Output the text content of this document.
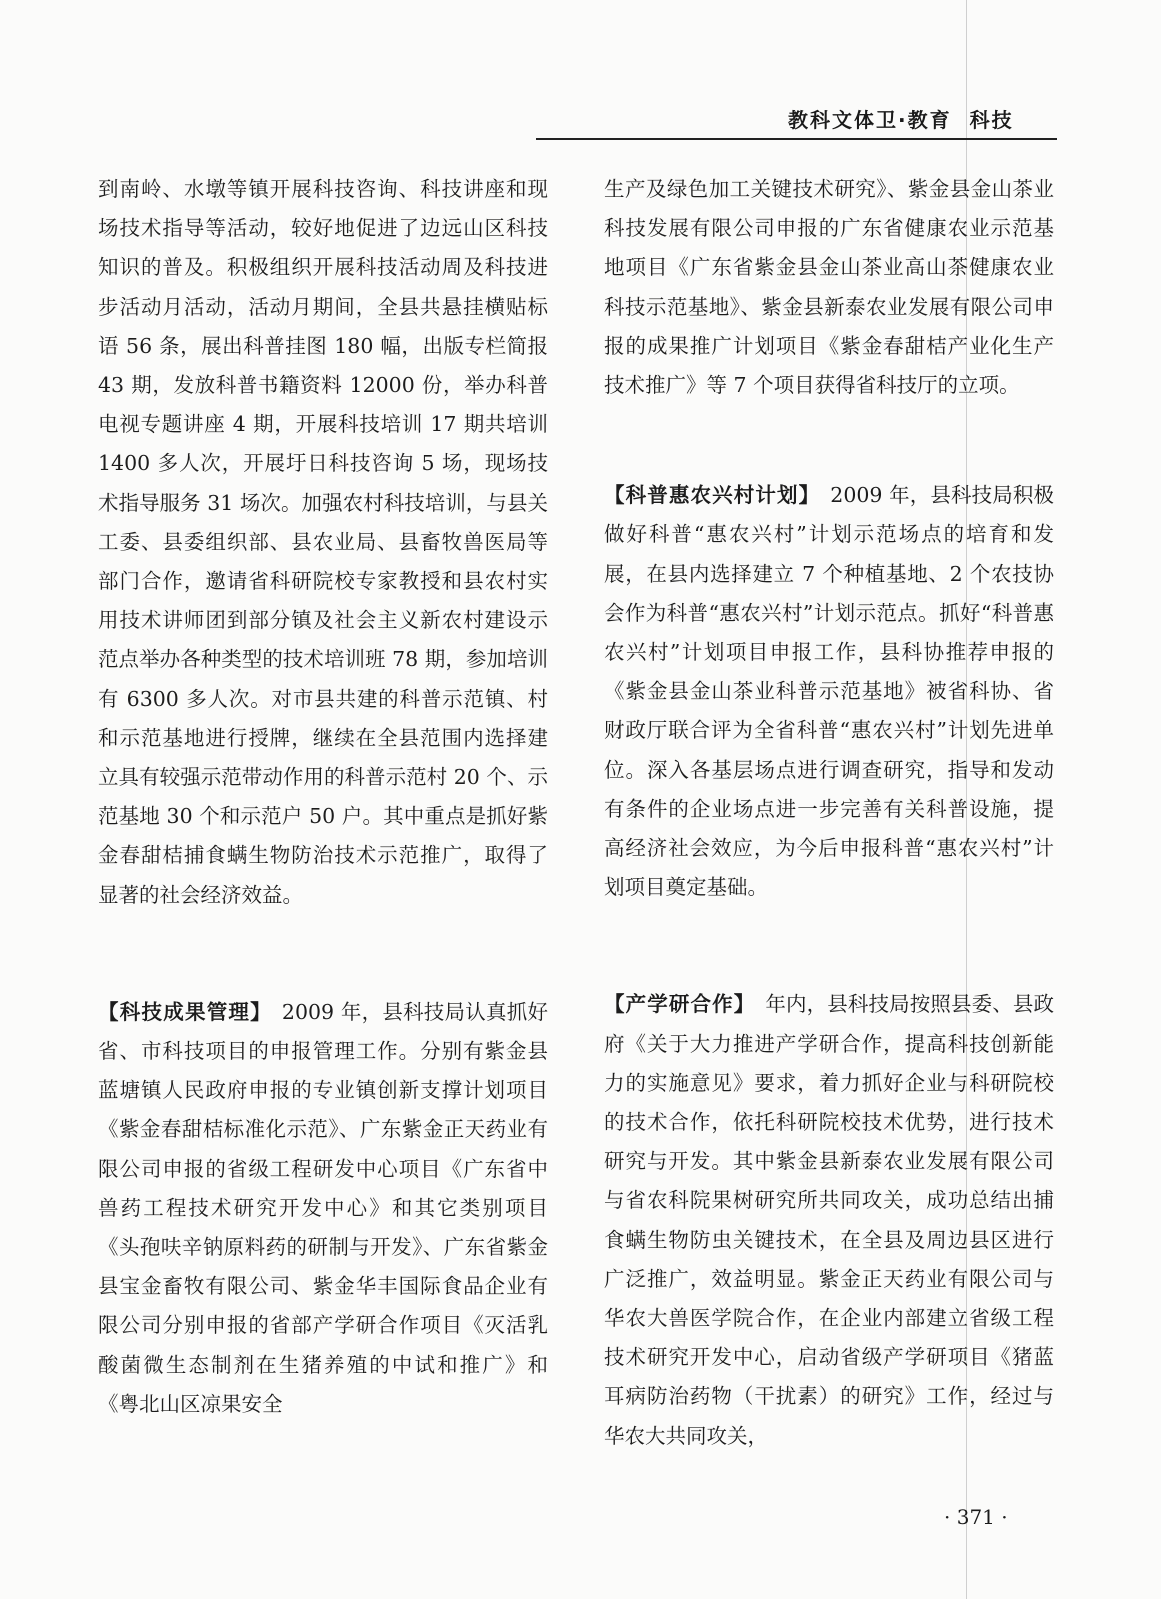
教科文体卫·教育 科技

到南岭、水墩等镇开展科技咨询、科技讲座和现场技术指导等活动，较好地促进了边远山区科技知识的普及。积极组织开展科技活动周及科技进步活动月活动，活动月期间，全县共悬挂横贴标语 56 条，展出科普挂图 180 幅，出版专栏简报 43 期，发放科普书籍资料 12000 份，举办科普电视专题讲座 4 期，开展科技培训 17 期共培训 1400 多人次，开展圩日科技咨询 5 场，现场技术指导服务 31 场次。加强农村科技培训，与县关工委、县委组织部、县农业局、县畜牧兽医局等部门合作，邀请省科研院校专家教授和县农村实用技术讲师团到部分镇及社会主义新农村建设示范点举办各种类型的技术培训班 78 期，参加培训有 6300 多人次。对市县共建的科普示范镇、村和示范基地进行授牌，继续在全县范围内选择建立具有较强示范带动作用的科普示范村 20 个、示范基地 30 个和示范户 50 户。其中重点是抓好紫金春甜桔捕食螨生物防治技术示范推广，取得了显著的社会经济效益。

【科技成果管理】 2009 年，县科技局认真抓好省、市科技项目的申报管理工作。分别有紫金县蓝塘镇人民政府申报的专业镇创新支撑计划项目《紫金春甜桔标准化示范》、广东紫金正天药业有限公司申报的省级工程研发中心项目《广东省中兽药工程技术研究开发中心》和其它类别项目《头孢呋辛钠原料药的研制与开发》、广东省紫金县宝金畜牧有限公司、紫金华丰国际食品企业有限公司分别申报的省部产学研合作项目《灭活乳酸菌微生态制剂在生猪养殖的中试和推广》和《粤北山区凉果安全

生产及绿色加工关键技术研究》、紫金县金山茶业科技发展有限公司申报的广东省健康农业示范基地项目《广东省紫金县金山茶业高山茶健康农业科技示范基地》、紫金县新泰农业发展有限公司申报的成果推广计划项目《紫金春甜桔产业化生产技术推广》等 7 个项目获得省科技厅的立项。

【科普惠农兴村计划】 2009 年，县科技局积极做好科普“惠农兴村”计划示范场点的培育和发展，在县内选择建立 7 个种植基地、2 个农技协会作为科普“惠农兴村”计划示范点。抓好“科普惠农兴村”计划项目申报工作，县科协推荐申报的《紫金县金山茶业科普示范基地》被省科协、省财政厅联合评为全省科普“惠农兴村”计划先进单位。深入各基层场点进行调查研究，指导和发动有条件的企业场点进一步完善有关科普设施，提高经济社会效应，为今后申报科普“惠农兴村”计划项目奠定基础。

【产学研合作】 年内，县科技局按照县委、县政府《关于大力推进产学研合作，提高科技创新能力的实施意见》要求，着力抓好企业与科研院校的技术合作，依托科研院校技术优势，进行技术研究与开发。其中紫金县新泰农业发展有限公司与省农科院果树研究所共同攻关，成功总结出捕食螨生物防虫关键技术，在全县及周边县区进行广泛推广，效益明显。紫金正天药业有限公司与华农大兽医学院合作，在企业内部建立省级工程技术研究开发中心，启动省级产学研项目《猪蓝耳病防治药物（干扰素）的研究》工作，经过与华农大共同攻关，

· 371 ·
